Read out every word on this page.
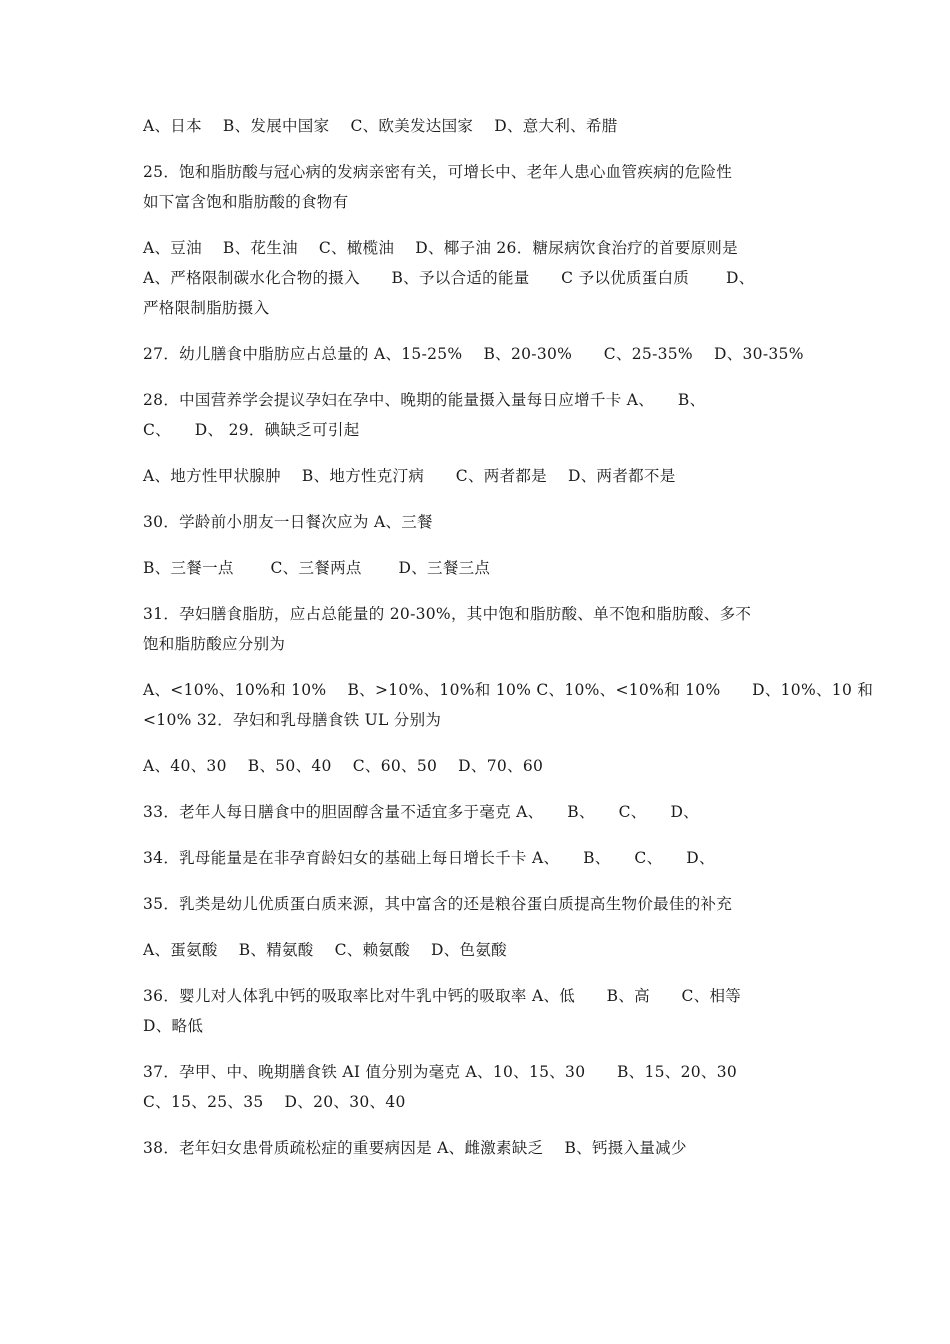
A、日本　 B、发展中国家　 C、欧美发达国家　 D、意大利、希腊
25．饱和脂肪酸与冠心病的发病亲密有关，可增长中、老年人患心血管疾病的危险性
如下富含饱和脂肪酸的食物有
A、豆油　 B、花生油　 C、橄榄油　 D、椰子油 26．糖尿病饮食治疗的首要原则是
A、严格限制碳水化合物的摄入　　B、予以合适的能量　　C 予以优质蛋白质　　 D、
严格限制脂肪摄入
27．幼儿膳食中脂肪应占总量的 A、15-25%　 B、20-30%　　C、25-35%　 D、30-35%
28．中国营养学会提议孕妇在孕中、晚期的能量摄入量每日应增千卡 A、　　B、
C、　　D、 29．碘缺乏可引起
A、地方性甲状腺肿　 B、地方性克汀病　　C、两者都是　 D、两者都不是
30．学龄前小朋友一日餐次应为 A、三餐
B、三餐一点　　 C、三餐两点　　 D、三餐三点
31．孕妇膳食脂肪，应占总能量的 20-30%，其中饱和脂肪酸、单不饱和脂肪酸、多不
饱和脂肪酸应分别为
A、<10%、10%和 10%　 B、>10%、10%和 10% C、10%、<10%和 10%　　D、10%、10 和
<10% 32．孕妇和乳母膳食铁 UL 分别为
A、40、30　 B、50、40　 C、60、50　 D、70、60
33．老年人每日膳食中的胆固醇含量不适宜多于毫克 A、　　B、　　C、　　D、
34．乳母能量是在非孕育龄妇女的基础上每日增长千卡 A、　　B、　　C、　　D、
35．乳类是幼儿优质蛋白质来源，其中富含的还是粮谷蛋白质提高生物价最佳的补充
A、蛋氨酸　 B、精氨酸　 C、赖氨酸　 D、色氨酸
36．婴儿对人体乳中钙的吸取率比对牛乳中钙的吸取率 A、低　　B、高　　C、相等
D、略低
37．孕甲、中、晚期膳食铁 AI 值分别为毫克 A、10、15、30　　B、15、20、30
C、15、25、35　 D、20、30、40
38．老年妇女患骨质疏松症的重要病因是 A、雌激素缺乏　 B、钙摄入量减少
